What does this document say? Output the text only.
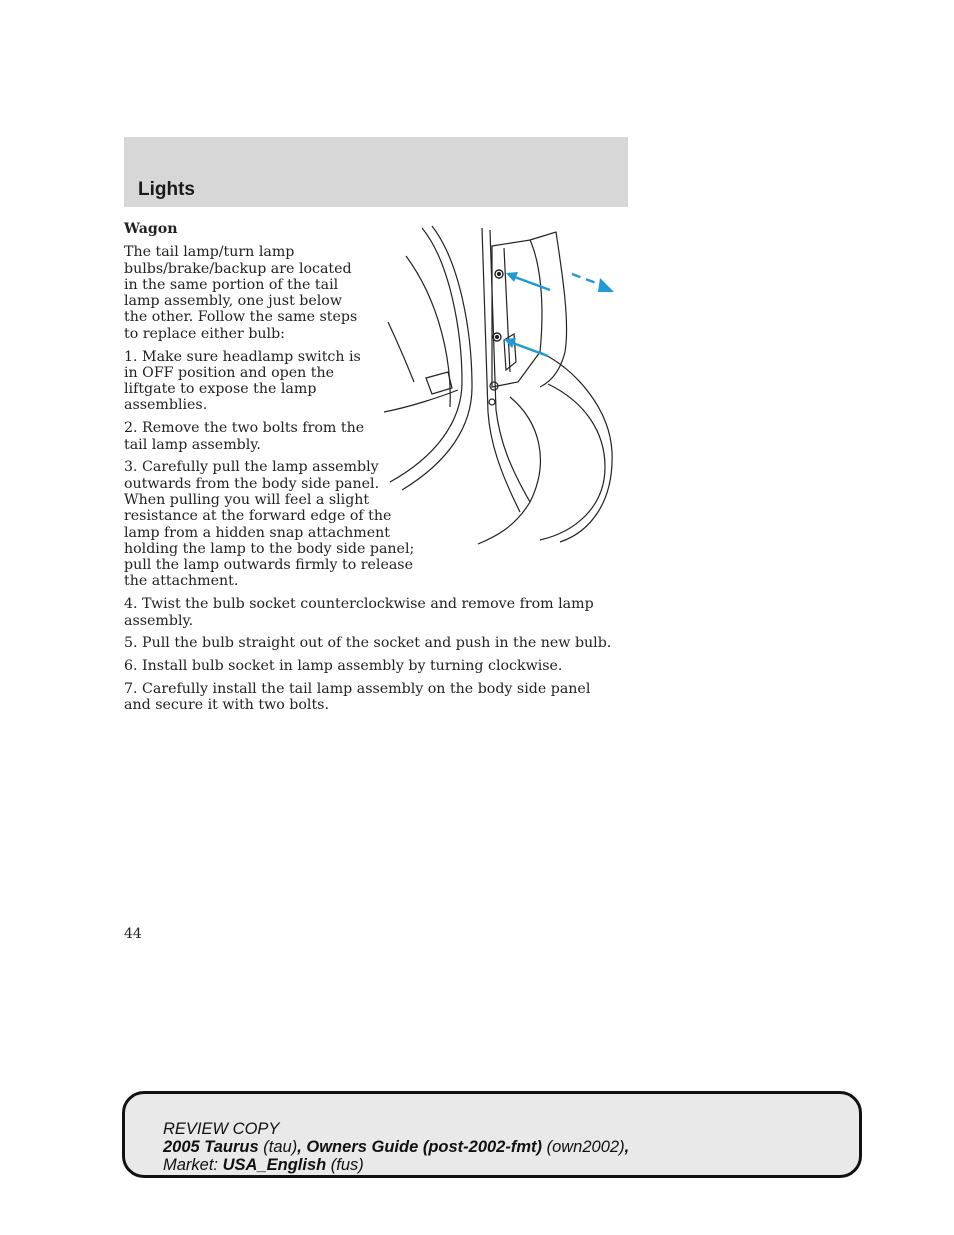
Lights

Wagon

The tail lamp/turn lamp bulbs/brake/backup are located in the same portion of the tail lamp assembly, one just below the other. Follow the same steps to replace either bulb:

1. Make sure headlamp switch is in OFF position and open the liftgate to expose the lamp assemblies.

2. Remove the two bolts from the tail lamp assembly.

3. Carefully pull the lamp assembly outwards from the body side panel. When pulling you will feel a slight resistance at the forward edge of the lamp from a hidden snap attachment holding the lamp to the body side panel; pull the lamp outwards firmly to release the attachment.

4. Twist the bulb socket counterclockwise and remove from lamp assembly.

5. Pull the bulb straight out of the socket and push in the new bulb.

6. Install bulb socket in lamp assembly by turning clockwise.

7. Carefully install the tail lamp assembly on the body side panel and secure it with two bolts.

44
REVIEW COPY
2005 Taurus (tau), Owners Guide (post-2002-fmt) (own2002),
Market: USA_English (fus)
